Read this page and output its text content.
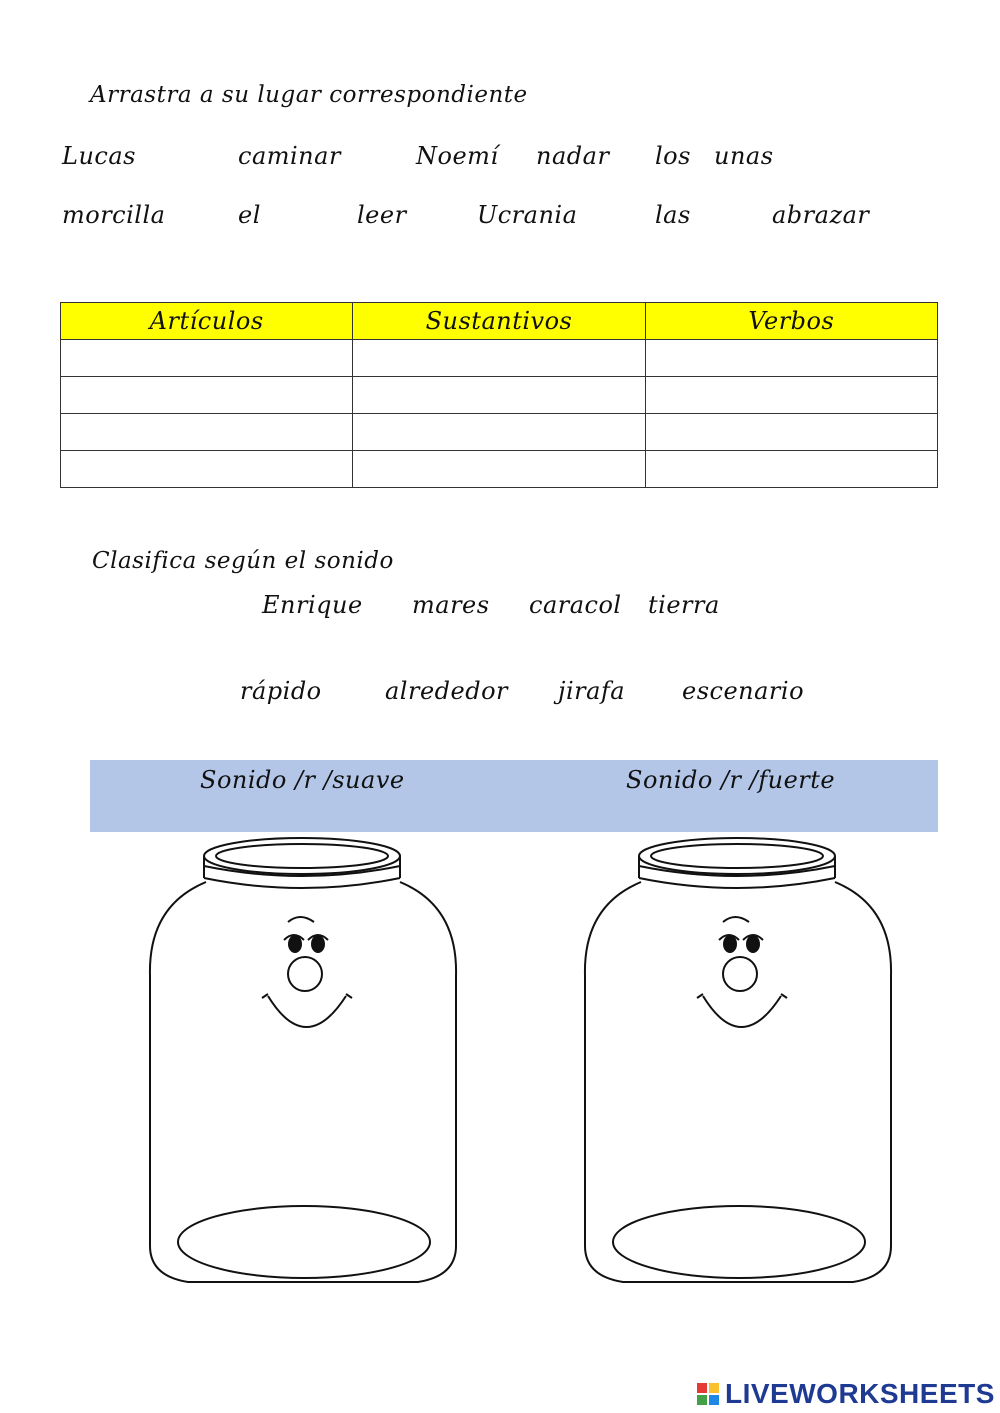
Arrastra a su lugar correspondiente
Lucas	caminar	Noemí nadar los unas
morcilla	el	leer	Ucrania	las	abrazar
Artículos	Sustantivos	Verbos

Clasifica según el sonido
Enrique mares caracol tierra
rápido	alrededor jirafa escenario
Sonido /r /suave	Sonido /r /fuerte
LIVEWORKSHEETS
